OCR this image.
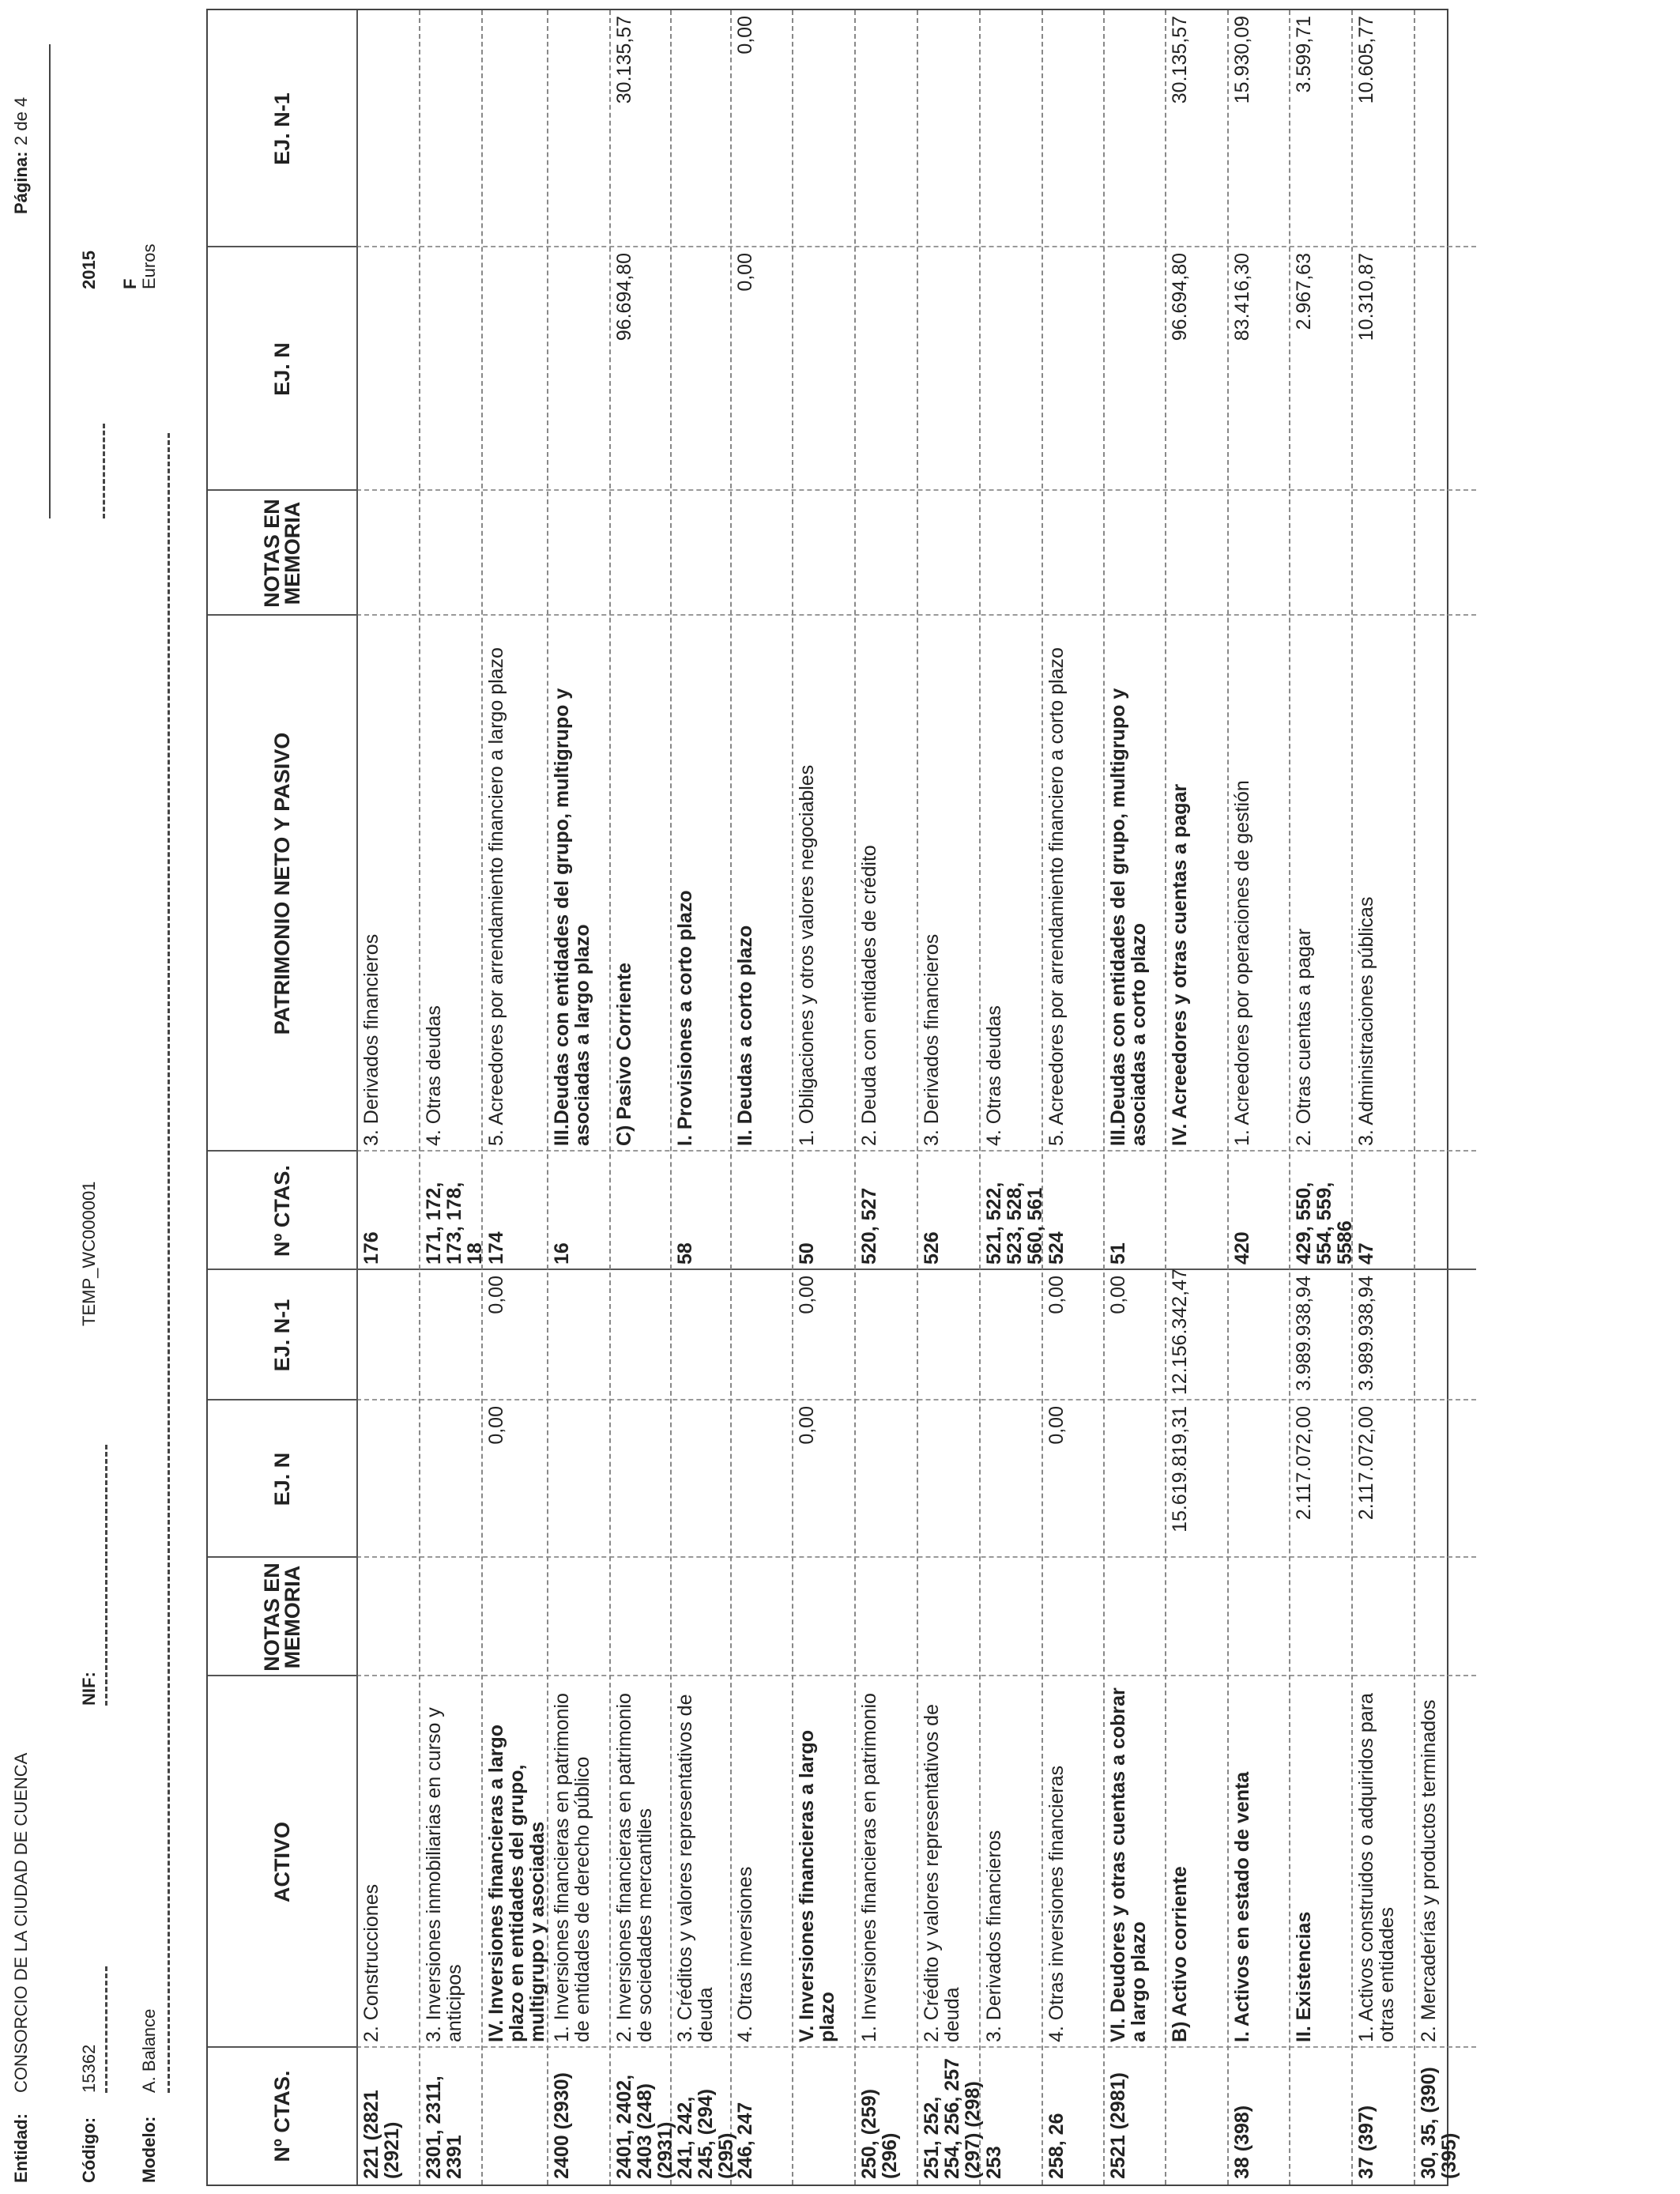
Entidad:
CONSORCIO DE LA CIUDAD DE CUENCA
Página:
2 de 4
Código:
15362
NIF:
TEMP_WC000001
2015 F Euros
Modelo:
A. Balance
Nº CTAS.
ACTIVO
NOTAS EN MEMORIA
EJ. N
EJ. N-1
Nº CTAS.
PATRIMONIO NETO Y PASIVO
NOTAS EN MEMORIA
EJ. N
EJ. N-1
221 (2821 (2921)
2. Construcciones
176
3. Derivados financieros
2301, 2311, 2391
3. Inversiones inmobiliarias en curso y anticipos
171, 172, 173, 178, 18
4. Otras deudas
IV. Inversiones financieras a largo plazo en entidades del grupo, multigrupo y asociadas
0,00
0,00
174
5. Acreedores por arrendamiento financiero a largo plazo
2400 (2930)
1. Inversiones financieras en patrimonio de entidades de derecho público
16
III.Deudas con entidades del grupo, multigrupo y asociadas a largo plazo
2401, 2402, 2403 (248) (2931)
2. Inversiones financieras en patrimonio de sociedades mercantiles
C) Pasivo Corriente
96.694,80
30.135,57
241, 242, 245, (294) (295)
3. Créditos y valores representativos de deuda
58
I. Provisiones a corto plazo
246, 247
4. Otras inversiones
II. Deudas a corto plazo
0,00
0,00
V. Inversiones financieras a largo plazo
0,00
0,00
50
1. Obligaciones y otros valores negociables
250, (259) (296)
1. Inversiones financieras en patrimonio
520, 527
2. Deuda con entidades de crédito
251, 252, 254, 256, 257 (297) (298)
2. Crédito y valores representativos de deuda
526
3. Derivados financieros
253
3. Derivados financieros
521, 522, 523, 528, 560, 561
4. Otras deudas
258, 26
4. Otras inversiones financieras
0,00
0,00
524
5. Acreedores por arrendamiento financiero a corto plazo
2521 (2981)
VI. Deudores y otras cuentas a cobrar a largo plazo
0,00
51
III.Deudas con entidades del grupo, multigrupo y asociadas a corto plazo
B) Activo corriente
15.619.819,31
12.156.342,47
IV. Acreedores y otras cuentas a pagar
96.694,80
30.135,57
38 (398)
I. Activos en estado de venta
420
1. Acreedores por operaciones de gestión
83.416,30
15.930,09
II. Existencias
2.117.072,00
3.989.938,94
429, 550, 554, 559, 5586
2. Otras cuentas a pagar
2.967,63
3.599,71
37 (397)
1. Activos construidos o adquiridos para otras entidades
2.117.072,00
3.989.938,94
47
3. Administraciones públicas
10.310,87
10.605,77
30, 35, (390) (395)
2. Mercaderías y productos terminados
